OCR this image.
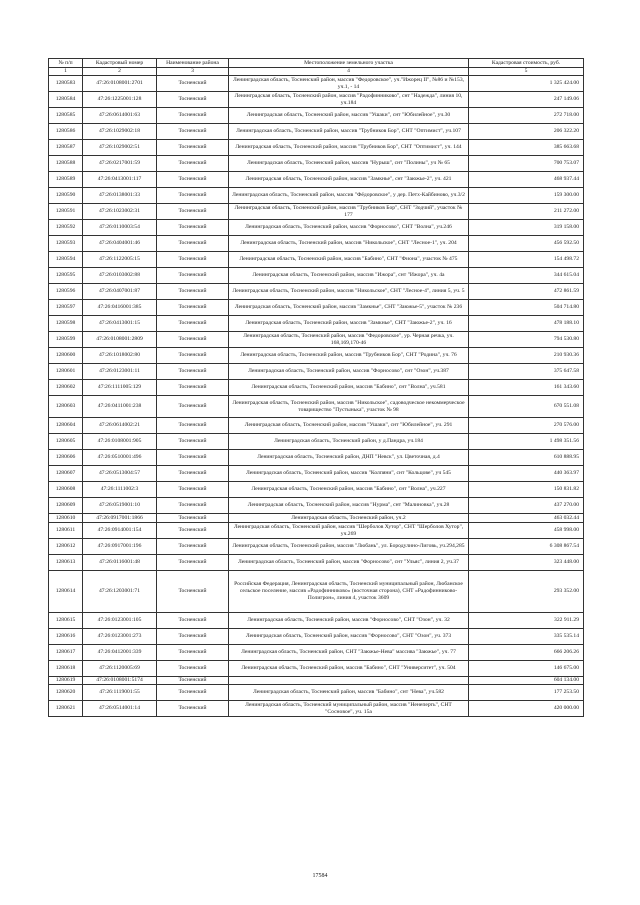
№ п/п	Кадастровый номер	Наименование района	Местоположение земельного участка	Кадастровая стоимость, руб.
1	2	3	4	5
1280583	47:26:0108001:2701	Тосненский	Ленинградская область, Тосненский район, массив "Федоровское", уч."Ижорец II", №86 и №153, уч.1, - 14	1 325 424.00
1280584	47:26:1225001:128	Тосненский	Ленинградская область, Тосненский район, массив "Радофинниково", снт "Надежда", линия 10, уч.184	247 149.06
1280585	47:26:0614001:63	Тосненский	Ленинградская область, Тосненский район, массив "Ушаки", снт "Юбилейное", уч.30	272 718.00
1280586	47:26:1029002:18	Тосненский	Ленинградская область, Тосненский район, массив "Трубников Бор", СНТ "Оптимист", уч.107	206 322.20
1280587	47:26:1029002:51	Тосненский	Ленинградская область, Тосненский район, массив "Трубников Бор", СНТ "Оптимист", уч. 144	385 663.68
1280588	47:26:0217001:59	Тосненский	Ленинградская область, Тосненский район, массив "Нурыш", снт "Полины", уч № 65	700 753.07
1280589	47:26:0413001:117	Тосненский	Ленинградская область, Тосненский район, массив "Замкнье", снт "Заюжье-2", уч. 421	468 937.44
1280590	47:26:0138001:33	Тосненский	Ленинградская область, Тосненский район, массив "Фёдоровское", у дер. Петх-Кайбиново, уч.3/2	159 300.00
1280591	47:26:1023002:31	Тосненский	Ленинградская область, Тосненский район, массив "Трубников Бор", СНТ "Зодчий", участок № 177	211 272.00
1280592	47:26:0110003:54	Тосненский	Ленинградская область, Тосненский район, массив "Форносово", СНТ "Волна", уч.246	319 158.00
1280593	47:26:0404001:46	Тосненский	Ленинградская область, Тосненский район, массив "Никольское", СНТ "Лесное-1", уч. 204	456 592.50
1280594	47:26:1122005:15	Тосненский	Ленинградская область, Тосненский район, массив "Бабино", СНТ "Фиона", участок № 475	154 498.72
1280595	47:26:0103002:88	Тосненский	Ленинградская область, Тосненский район, массив "Ижора", снт "Ижора", уч. 4а	344 615.04
1280596	47:26:0407001:87	Тосненский	Ленинградская область, Тосненский район, массив "Никольское", СНТ "Лесное-4", линия 5, уч. 5	472 861.59
1280597	47:26:0416001:385	Тосненский	Ленинградская область, Тосненский район, массив "Замкнье", СНТ "Заюжье-5", участок № 236	504 714.80
1280598	47:26:0413001:15	Тосненский	Ленинградская область, Тосненский район, массив "Замкнье", СНТ "Заюжье-2", уч. 16	478 188.10
1280599	47:26:0108001:2809	Тосненский	Ленинградская область, Тосненский район, массив "Федоровское", ур. Черная речка, уч. 168,169,170-46	794 530.80
1280600	47:26:1018002:80	Тосненский	Ленинградская область, Тосненский район, массив "Трубников Бор", СНТ "Родина", уч. 76	210 930.36
1280601	47:26:0123001:11	Тосненский	Ленинградская область, Тосненский район, массив "Форносово", снт "Озон", уч.387	375 647.58
1280602	47:26:1111005:129	Тосненский	Ленинградская область, Тосненский район, массив "Бабино", снт "Волна", уч.581	161 343.60
1280603	47:26:0411001:238	Тосненский	Ленинградская область, Тосненский район, массив "Никольское", садоводческое некоммерческое товарищество "Пустынька", участок № 98	670 551.08
1280604	47:26:0614002:21	Тосненский	Ленинградская область, Тосненский район, массив "Ушаки", снт "Юбилейное", уч. 291	270 576.00
1280605	47:26:0108001:905	Тосненский	Ленинградская область, Тосненский район, у д.Пандра, уч.184	1 498 351.56
1280606	47:26:0510001:496	Тосненский	Ленинградская область, Тосненский район, ДНП "Невск", ул. Цветочная, д.4	610 888.95
1280607	47:26:0513004:57	Тосненский	Ленинградская область, Тосненский район, массив "Колпяни", снт "Кольцове", уч 545	440 363.97
1280608	47:26:1111002:3	Тосненский	Ленинградская область, Тосненский район, массив "Бабино", снт "Волна", уч.227	150 831.82
1280609	47:26:0519001:10	Тосненский	Ленинградская область, Тосненский район, массив "Нурма", снт "Малиновка", уч.28	437 270.00
1280610	47:26:0917001:1866	Тосненский	Ленинградская область, Тосненский район, уч.2	463 032.44
1280611	47:26:0914001:154	Тосненский	Ленинградская область, Тосненский район, массив "Шерболов Хутор", СНТ "Шерболов Хутор", уч.269	458 998.00
1280612	47:26:0917001:196	Тосненский	Ленинградская область, Тосненский район, массив "Любань", ул. Бородулино-Лиговь, уч.294,285	6 308 867.54
1280613	47:26:0116001:48	Тосненский	Ленинградская область, Тосненский район, массив "Форносово", снт "Ульяс", линия 2, уч.37	323 448.00
1280614	47:26:1203001:71	Тосненский	Российская Федерация, Ленинградская область, Тосненский муниципальный район, Любанское сельское поселение, массив «Радофинниково» (восточная сторона), СНТ «Радофинниково-Полигрон», линия 4, участок 3609	293 352.00
1280615	47:26:0123001:105	Тосненский	Ленинградская область, Тосненский район, массив "Форносово", СНТ "Озон", уч. 32	322 911.29
1280616	47:26:0123001:273	Тосненский	Ленинградская область, Тосненский район, массив "Форносово", СНТ "Озон", уч. 373	335 535.14
1280617	47:26:0412001:339	Тосненский	Ленинградская область, Тосненский район, СНТ "Заюжье-Нева" массива "Заюжье", уч. 77	666 206.26
1280618	47:26:1120005:69	Тосненский	Ленинградская область, Тосненский район, массив "Бабино", СНТ "Университет", уч. 504	146 675.00
1280619	47:26:0108001:5174	Тосненский		604 134.00
1280620	47:26:1119001:55	Тосненский	Ленинградская область, Тосненский район, массив "Бабино", снт "Нева", уч.582	177 253.50
1280621	47:26:0514001:14	Тосненский	Ленинградская область, Тосненский муниципальный район, массив "Ненеперть", СНТ "Сосновое", уч. 15а	420 000.00
17584
